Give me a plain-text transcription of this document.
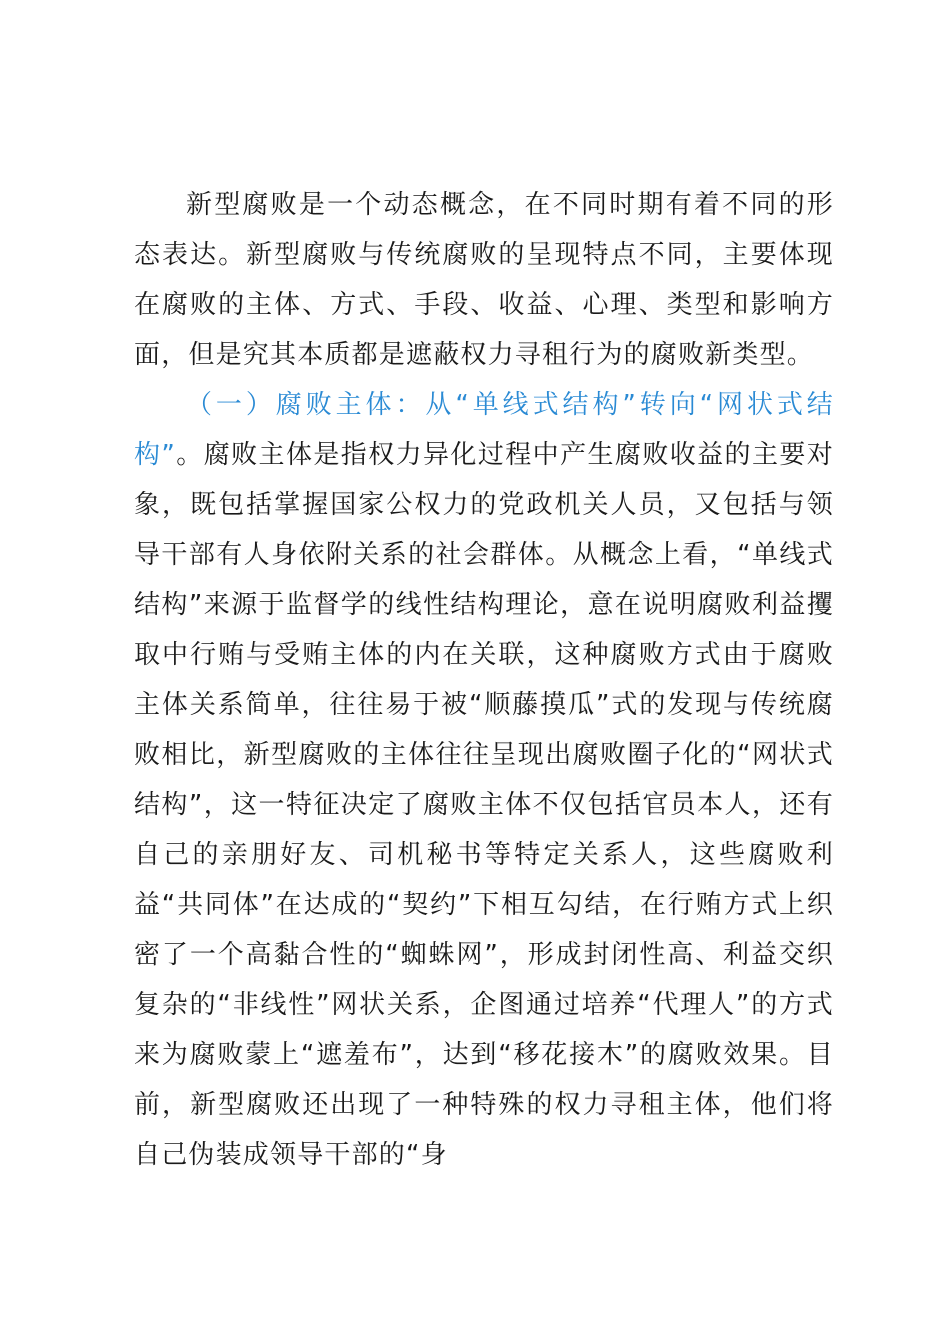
新型腐败是一个动态概念，在不同时期有着不同的形态表达。新型腐败与传统腐败的呈现特点不同，主要体现在腐败的主体、方式、手段、收益、心理、类型和影响方面，但是究其本质都是遮蔽权力寻租行为的腐败新类型。

（一）腐败主体：从“单线式结构”转向“网状式结构”。腐败主体是指权力异化过程中产生腐败收益的主要对象，既包括掌握国家公权力的党政机关人员，又包括与领导干部有人身依附关系的社会群体。从概念上看，“单线式结构”来源于监督学的线性结构理论，意在说明腐败利益攫取中行贿与受贿主体的内在关联，这种腐败方式由于腐败主体关系简单，往往易于被“顺藤摸瓜”式的发现与传统腐败相比，新型腐败的主体往往呈现出腐败圈子化的“网状式结构”，这一特征决定了腐败主体不仅包括官员本人，还有自己的亲朋好友、司机秘书等特定关系人，这些腐败利益“共同体”在达成的“契约”下相互勾结，在行贿方式上织密了一个高黏合性的“蜘蛛网”，形成封闭性高、利益交织复杂的“非线性”网状关系，企图通过培养“代理人”的方式来为腐败蒙上“遮羞布”，达到“移花接木”的腐败效果。目前，新型腐败还出现了一种特殊的权力寻租主体，他们将自己伪装成领导干部的“身
